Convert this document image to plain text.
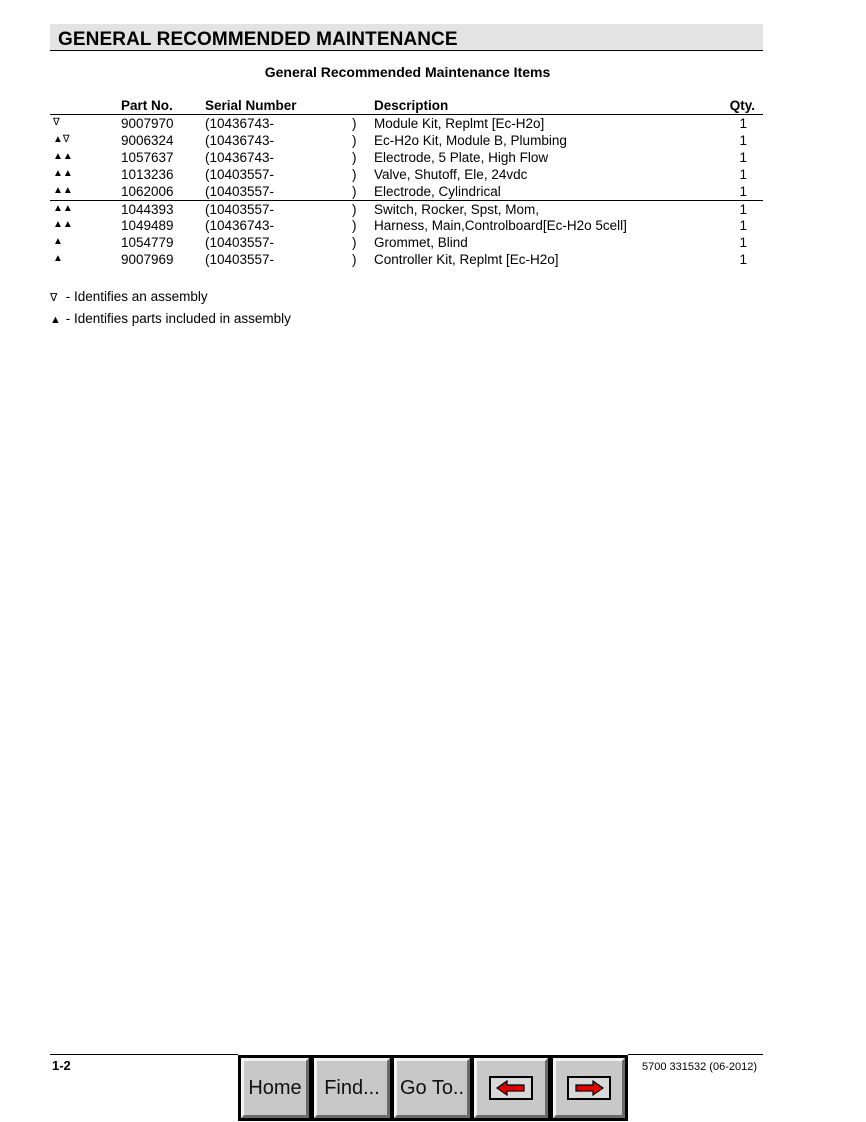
GENERAL RECOMMENDED MAINTENANCE
General Recommended Maintenance Items
Part No. Serial Number	Description	Qty.
∇	9007970 (10436743-	) Module Kit, Replmt [Ec-H2o]	1
▲∇	9006324 (10436743-	) Ec-H2o Kit, Module B, Plumbing	1
▲▲	1057637 (10436743-	) Electrode, 5 Plate, High Flow	1
▲▲	1013236 (10403557-	) Valve, Shutoff, Ele, 24vdc	1
▲▲	1062006 (10403557-	) Electrode, Cylindrical	1
▲▲	1044393 (10403557-	) Switch, Rocker, Spst, Mom,	1
▲▲	1049489 (10436743-	) Harness, Main,Controlboard[Ec-H2o 5cell]	1
▲	1054779 (10403557-	) Grommet, Blind	1
▲	9007969 (10403557-	) Controller Kit, Replmt [Ec-H2o]	1
∇ - Identifies an assembly
▲ - Identifies parts included in assembly
1-2	5700 331532 (06-2012)
Home	Find...	Go To..
